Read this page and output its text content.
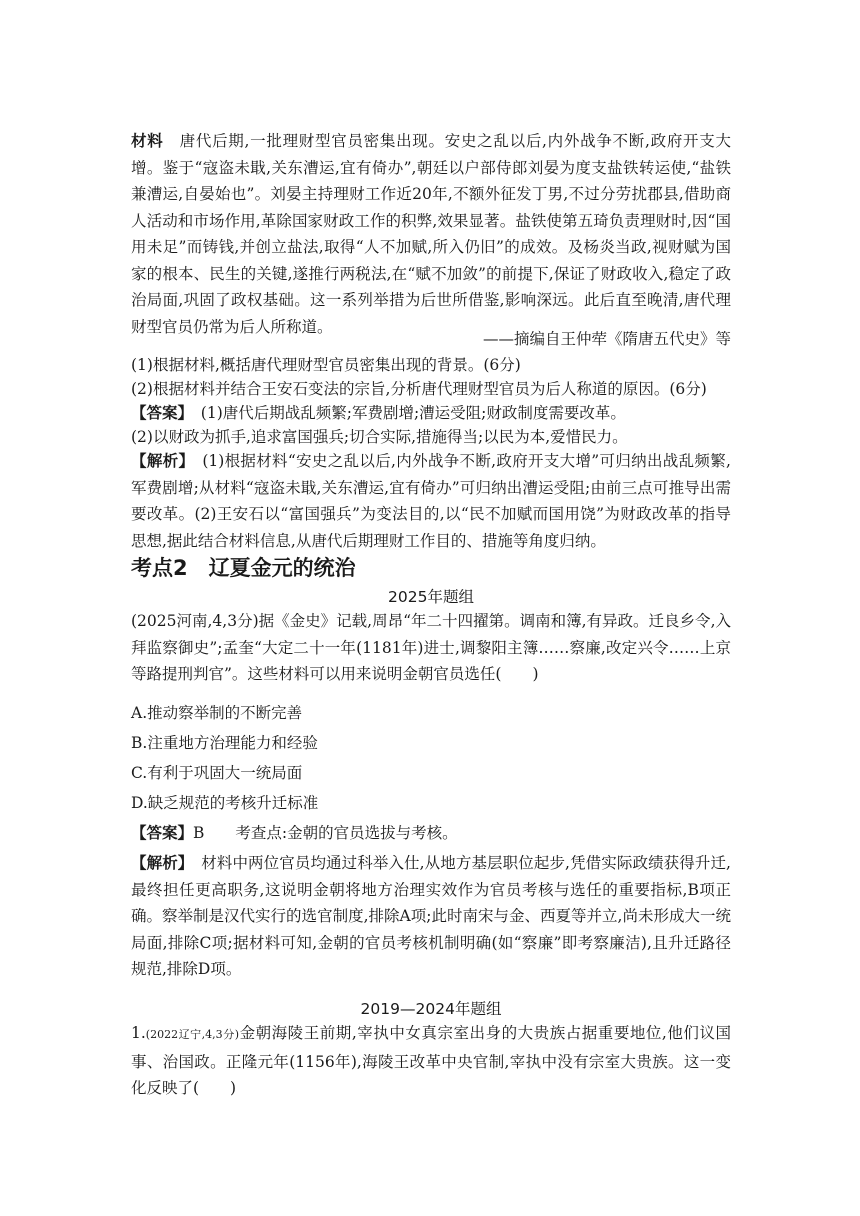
材料　 唐代后期,一批理财型官员密集出现。安史之乱以后,内外战争不断,政府开支大增。鉴于“寇盗未戢,关东漕运,宜有倚办”,朝廷以户部侍郎刘晏为度支盐铁转运使,“盐铁兼漕运,自晏始也”。刘晏主持理财工作近20年,不额外征发丁男,不过分劳扰郡县,借助商人活动和市场作用,革除国家财政工作的积弊,效果显著。盐铁使第五琦负责理财时,因“国用未足”而铸钱,并创立盐法,取得“人不加赋,所入仍旧”的成效。及杨炎当政,视财赋为国家的根本、民生的关键,遂推行两税法,在“赋不加敛”的前提下,保证了财政收入,稳定了政治局面,巩固了政权基础。这一系列举措为后世所借鉴,影响深远。此后直至晚清,唐代理财型官员仍常为后人所称道。

——摘编自王仲荦《隋唐五代史》等

(1)根据材料,概括唐代理财型官员密集出现的背景。(6分)

(2)根据材料并结合王安石变法的宗旨,分析唐代理财型官员为后人称道的原因。(6分)

【答案】　 (1)唐代后期战乱频繁;军费剧增;漕运受阻;财政制度需要改革。

(2)以财政为抓手,追求富国强兵;切合实际,措施得当;以民为本,爱惜民力。

【解析】　 (1)根据材料“安史之乱以后,内外战争不断,政府开支大增”可归纳出战乱频繁,军费剧增;从材料“寇盗未戢,关东漕运,宜有倚办”可归纳出漕运受阻;由前三点可推导出需要改革。(2)王安石以“富国强兵”为变法目的,以“民不加赋而国用饶”为财政改革的指导思想,据此结合材料信息,从唐代后期理财工作目的、措施等角度归纳。

考点2　辽夏金元的统治
2025年题组

(2025河南,4,3分)据《金史》记载,周昂“年二十四擢第。调南和簿,有异政。迁良乡令,入拜监察御史”;孟奎“大定二十一年(1181年)进士,调黎阳主簿……察廉,改定兴令……上京等路提刑判官”。这些材料可以用来说明金朝官员选任(　　)

A.推动察举制的不断完善

B.注重地方治理能力和经验

C.有利于巩固大一统局面

D.缺乏规范的考核升迁标准

【答案】B　　考查点:金朝的官员选拔与考核。

【解析】　 材料中两位官员均通过科举入仕,从地方基层职位起步,凭借实际政绩获得升迁,最终担任更高职务,这说明金朝将地方治理实效作为官员考核与选任的重要指标,B项正确。察举制是汉代实行的选官制度,排除A项;此时南宋与金、西夏等并立,尚未形成大一统局面,排除C项;据材料可知,金朝的官员考核机制明确(如“察廉”即考察廉洁),且升迁路径规范,排除D项。

2019—2024年题组

1.(2022辽宁,4,3分)金朝海陵王前期,宰执中女真宗室出身的大贵族占据重要地位,他们议国事、治国政。正隆元年(1156年),海陵王改革中央官制,宰执中没有宗室大贵族。这一变化反映了(　　)
